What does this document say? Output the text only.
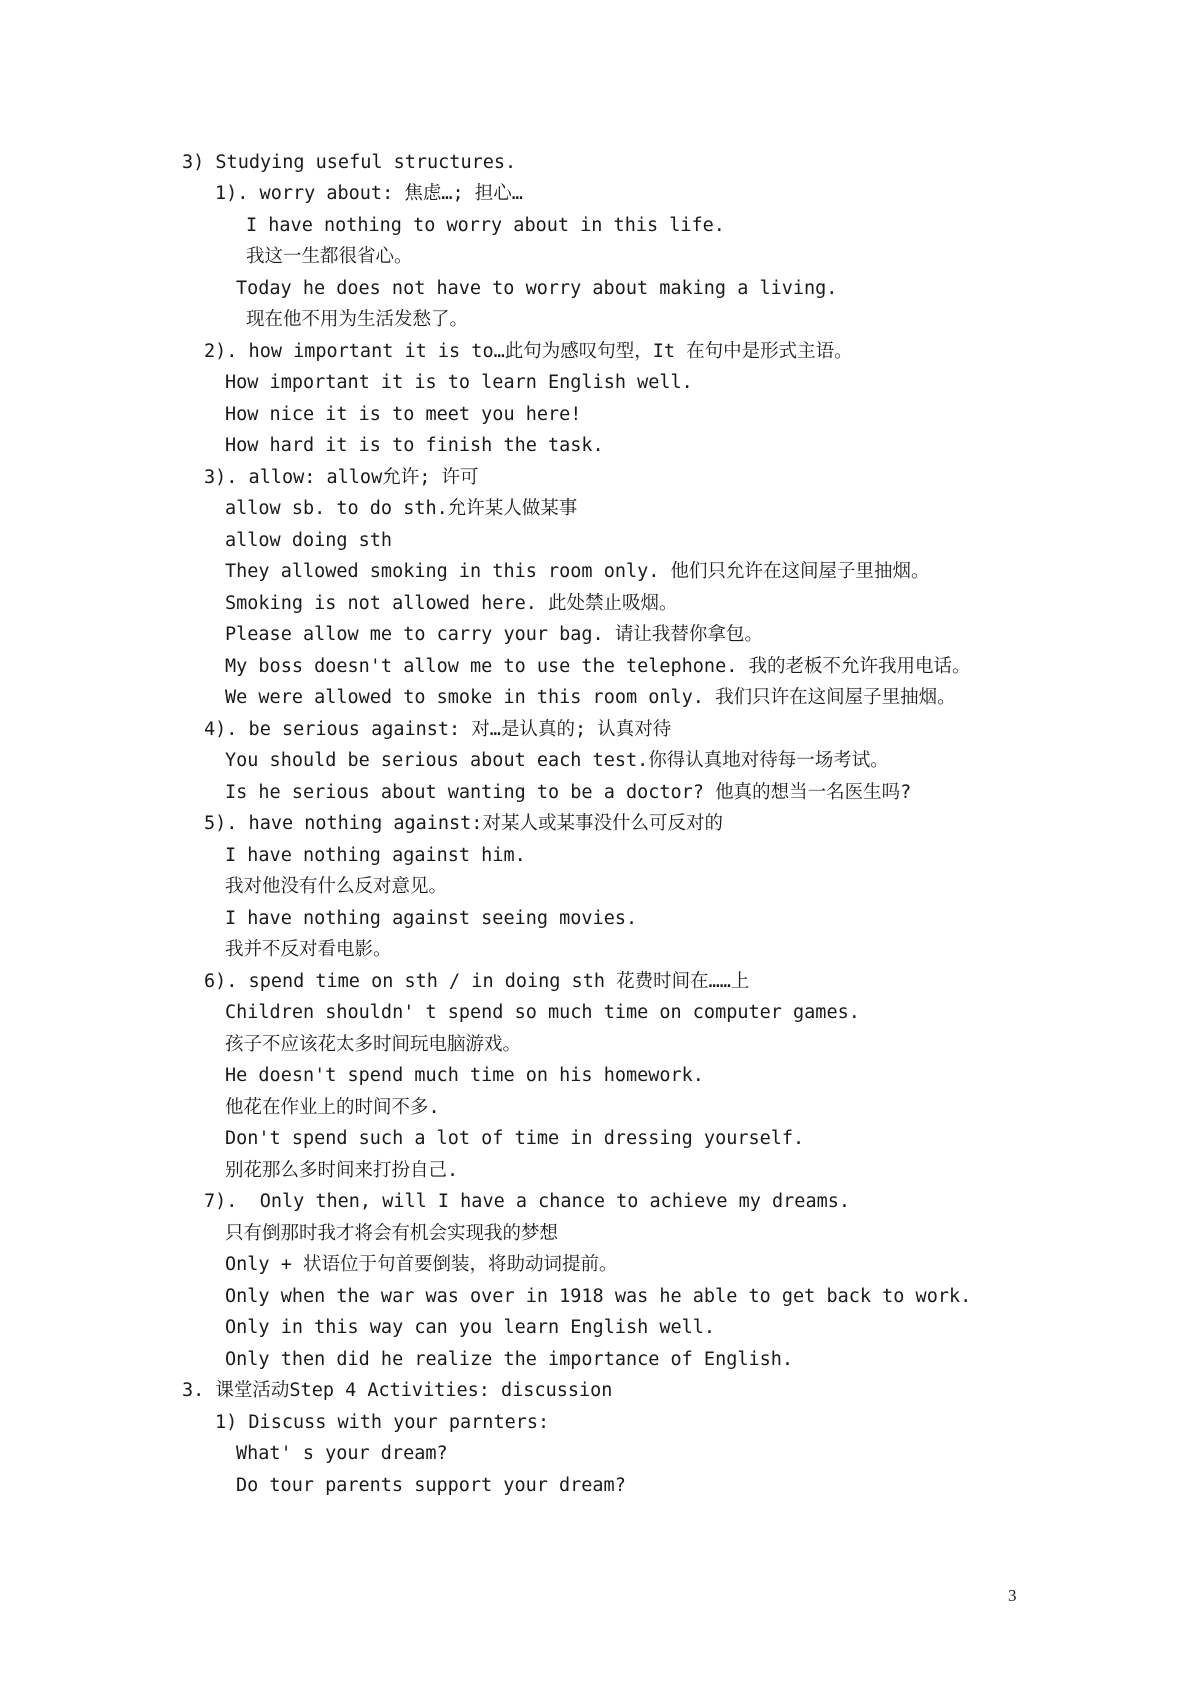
3) Studying useful structures.
1). worry about: 焦虑…; 担心…
I have nothing to worry about in this life.
我这一生都很省心。
Today he does not have to worry about making a living.
现在他不用为生活发愁了。
2). how important it is to…此句为感叹句型，It 在句中是形式主语。
How important it is to learn English well.
How nice it is to meet you here!
How hard it is to finish the task.
3). allow: allow允许; 许可
allow sb. to do sth.允许某人做某事
allow doing sth
They allowed smoking in this room only. 他们只允许在这间屋子里抽烟。
Smoking is not allowed here. 此处禁止吸烟。
Please allow me to carry your bag. 请让我替你拿包。
My boss doesn't allow me to use the telephone. 我的老板不允许我用电话。
We were allowed to smoke in this room only. 我们只许在这间屋子里抽烟。
4). be serious against: 对…是认真的; 认真对待
You should be serious about each test.你得认真地对待每一场考试。
Is he serious about wanting to be a doctor? 他真的想当一名医生吗?
5). have nothing against:对某人或某事没什么可反对的
I have nothing against him.
我对他没有什么反对意见。
I have nothing against seeing movies.
我并不反对看电影。
6). spend time on sth / in doing sth 花费时间在……上
Children shouldn' t spend so much time on computer games.
孩子不应该花太多时间玩电脑游戏。
He doesn't spend much time on his homework.
他花在作业上的时间不多.
Don't spend such a lot of time in dressing yourself.
别花那么多时间来打扮自己.
7).  Only then, will I have a chance to achieve my dreams.
只有倒那时我才将会有机会实现我的梦想
Only + 状语位于句首要倒装，将助动词提前。
Only when the war was over in 1918 was he able to get back to work.
Only in this way can you learn English well.
Only then did he realize the importance of English.
3. 课堂活动Step 4 Activities: discussion
1) Discuss with your parnters:
What' s your dream?
Do tour parents support your dream?
3
